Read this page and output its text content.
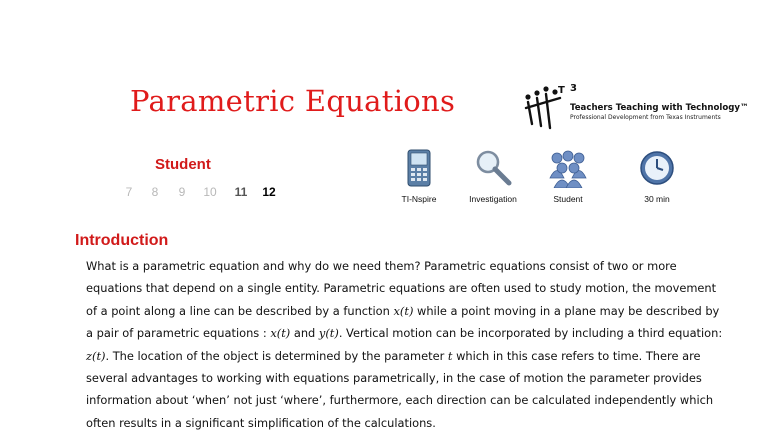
Parametric Equations	T 3
Teachers Teaching with Technology™
Professional Development from Texas Instruments
Student
7	8	9	10	11	12	TI-Nspire	Investigation	Student	30 min
Introduction
What is a parametric equation and why do we need them? Parametric equations consist of two or more equations that depend on a single entity. Parametric equations are often used to study motion, the movement of a point along a line can be described by a function x(t) while a point moving in a plane may be described by a pair of parametric equations : x(t) and y(t). Vertical motion can be incorporated by including a third equation: z(t). The location of the object is determined by the parameter t which in this case refers to time. There are several advantages to working with equations parametrically, in the case of motion the parameter provides information about ‘when’ not just ‘where’, furthermore, each direction can be calculated independently which often results in a significant simplification of the calculations.
